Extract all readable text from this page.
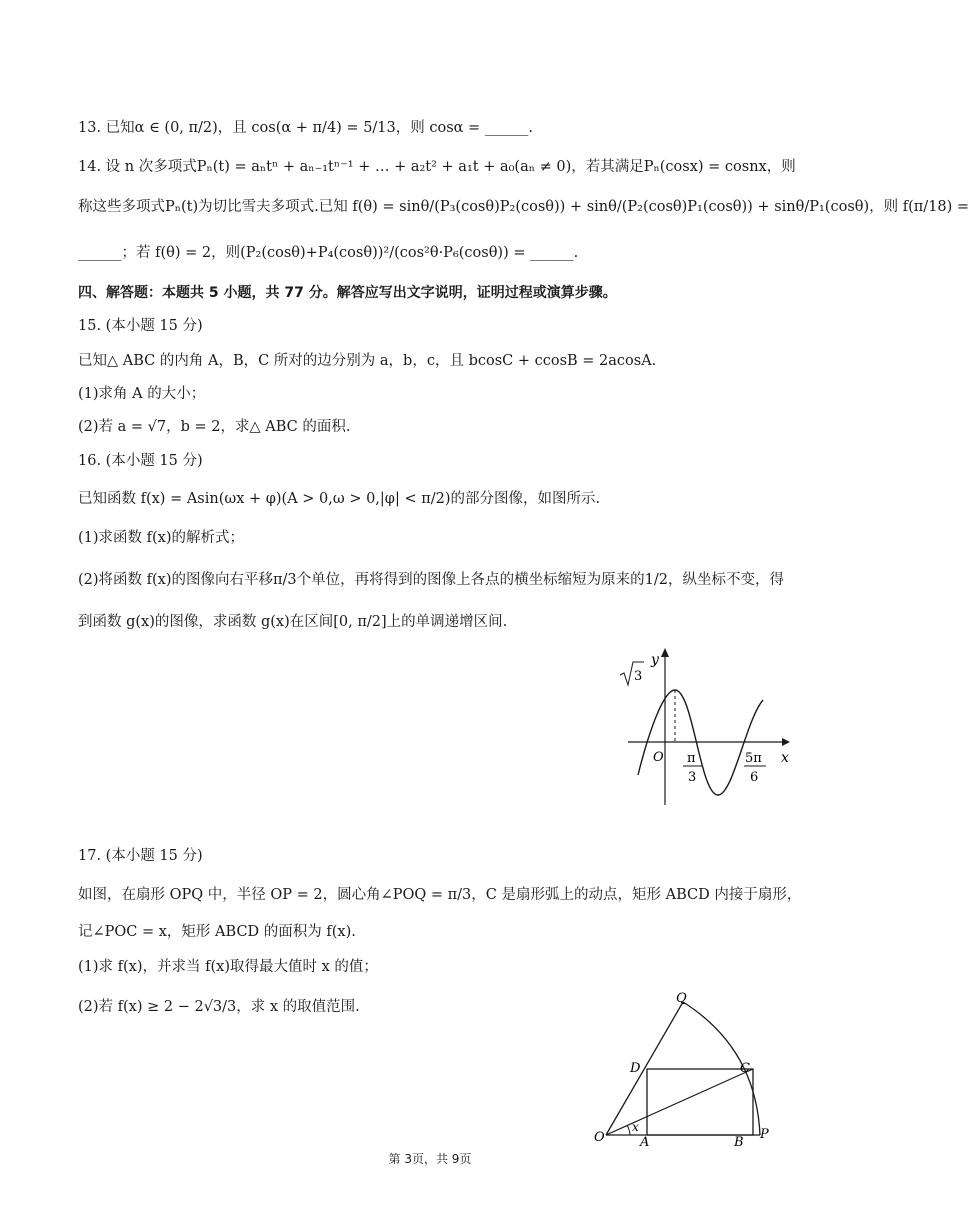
13. 已知α ∈ (0, π/2)，且 cos(α + π/4) = 5/13，则 cosα = ______.
14. 设 n 次多项式Pₙ(t) = aₙtⁿ + aₙ₋₁tⁿ⁻¹ + … + a₂t² + a₁t + a₀(aₙ ≠ 0)，若其满足Pₙ(cosx) = cosnx，则
称这些多项式Pₙ(t)为切比雪夫多项式.已知 f(θ) = sinθ/(P₃(cosθ)P₂(cosθ)) + sinθ/(P₂(cosθ)P₁(cosθ)) + sinθ/P₁(cosθ)，则 f(π/18) =
______；若 f(θ) = 2，则(P₂(cosθ)+P₄(cosθ))²/(cos²θ·P₆(cosθ)) = ______.
四、解答题：本题共 5 小题，共 77 分。解答应写出文字说明，证明过程或演算步骤。
15. (本小题 15 分)
已知△ ABC 的内角 A，B，C 所对的边分别为 a，b，c，且 bcosC + ccosB = 2acosA.
(1)求角 A 的大小；
(2)若 a = √7，b = 2，求△ ABC 的面积.
16. (本小题 15 分)
已知函数 f(x) = Asin(ωx + φ)(A > 0,ω > 0,|φ| < π/2)的部分图像，如图所示.
(1)求函数 f(x)的解析式；
(2)将函数 f(x)的图像向右平移π/3个单位，再将得到的图像上各点的横坐标缩短为原来的1/2，纵坐标不变，得
到函数 g(x)的图像，求函数 g(x)在区间[0, π/2]上的单调递增区间.
y
x
O
3
π
3
5π
6
17. (本小题 15 分)
如图，在扇形 OPQ 中，半径 OP = 2，圆心角∠POQ = π/3，C 是扇形弧上的动点，矩形 ABCD 内接于扇形，
记∠POC = x，矩形 ABCD 的面积为 f(x).
(1)求 f(x)，并求当 f(x)取得最大值时 x 的值；
(2)若 f(x) ≥ 2 − 2√3/3，求 x 的取值范围.
Q
D	C
O	A	B
P
x
第 3页，共 9页
